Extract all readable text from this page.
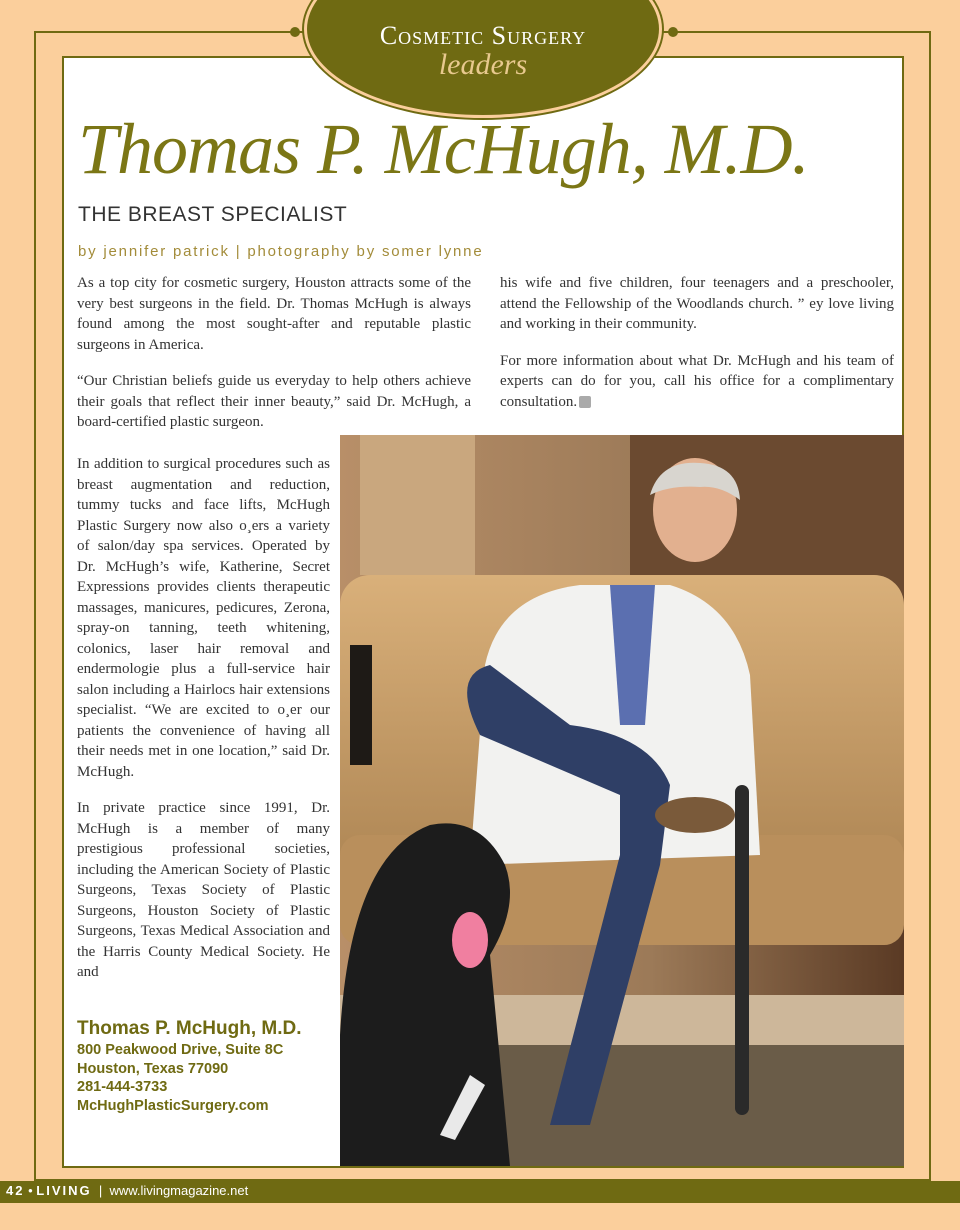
Cosmetic Surgery
leaders
Thomas P. McHugh, M.D.
THE BREAST SPECIALIST
by jennifer patrick | photography by somer lynne

As a top city for cosmetic surgery, Houston attracts some of the very best surgeons in the field. Dr. Thomas McHugh is always found among the most sought-after and reputable plastic surgeons in America.

“Our Christian beliefs guide us everyday to help others achieve their goals that reflect their inner beauty,” said Dr. McHugh, a board-certified plastic surgeon.

In addition to surgical procedures such as breast augmentation and reduction, tummy tucks and face lifts, McHugh Plastic Surgery now also o¸ers a variety of salon/day spa services. Operated by Dr. McHugh’s wife, Katherine, Secret Expressions provides clients therapeutic massages, manicures, pedicures, Zerona, spray-on tanning, teeth whitening, colonics, laser hair removal and endermologie plus a full-service hair salon including a Hairlocs hair extensions specialist. “We are excited to o¸er our patients the convenience of having all their needs met in one location,” said Dr. McHugh.

In private practice since 1991, Dr. McHugh is a member of many prestigious professional societies, including the American Society of Plastic Surgeons, Texas Society of Plastic Surgeons, Houston Society of Plastic Surgeons, Texas Medical Association and the Harris County Medical Society. He and

his wife and five children, four teenagers and a preschooler, attend the Fellowship of the Woodlands church. ” ey love living and working in their community.

For more information about what Dr. McHugh and his team of experts can do for you, call his office for a complimentary consultation.

Thomas P. McHugh, M.D.
800 Peakwood Drive, Suite 8C
Houston, Texas 77090
281-444-3733
McHughPlasticSurgery.com
42 • LIVING | www.livingmagazine.net
